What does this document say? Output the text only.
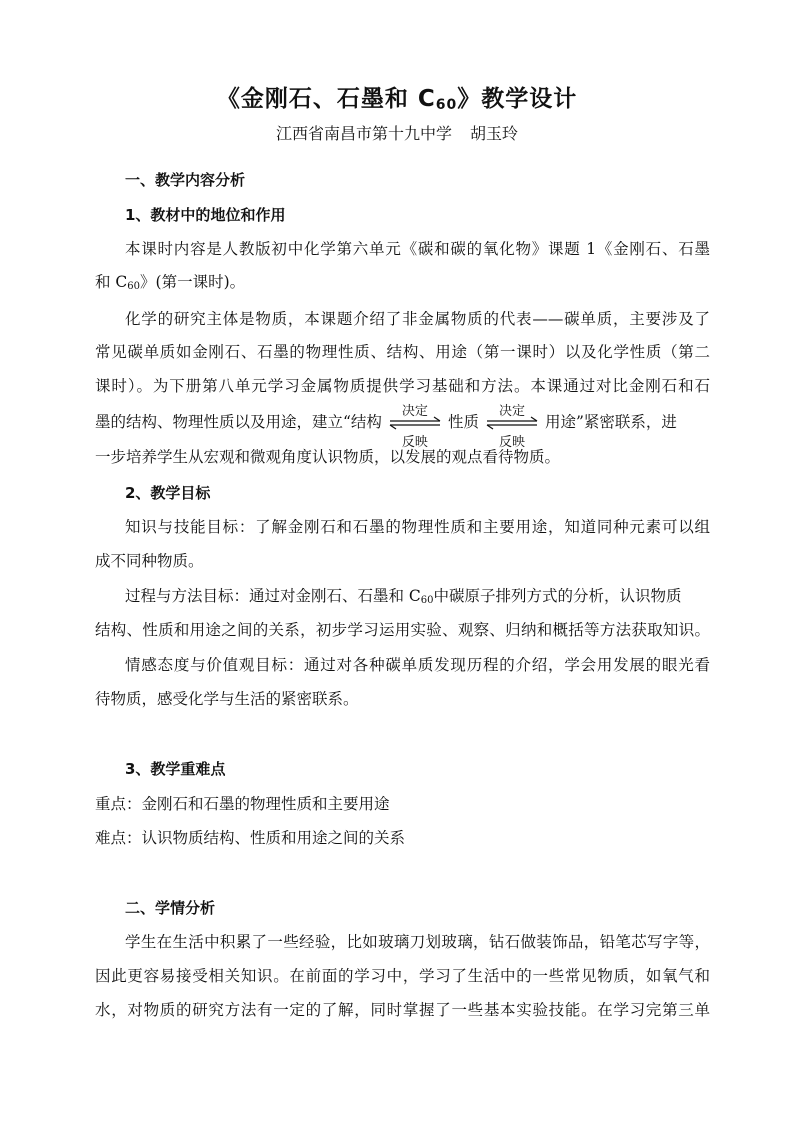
《金刚石、石墨和 $C_{60}$》教学设计
江西省南昌市第十九中学 胡玉玲
一、教学内容分析
1、教材中的地位和作用
本课时内容是人教版初中化学第六单元《碳和碳的氧化物》课题 1《金刚石、石墨
和 $C_{60}$》(第一课时)。
化学的研究主体是物质，本课题介绍了非金属物质的代表——碳单质，主要涉及了
常见碳单质如金刚石、石墨的物理性质、结构、用途（第一课时）以及化学性质（第二
课时）。为下册第八单元学习金属物质提供学习基础和方法。本课通过对比金刚石和石
墨的结构、物理性质以及用途，建立“结构
决定
反映
性质
决定
反映
用途”紧密联系，进
一步培养学生从宏观和微观角度认识物质，以发展的观点看待物质。
2、教学目标
知识与技能目标：了解金刚石和石墨的物理性质和主要用途，知道同种元素可以组
成不同种物质。
过程与方法目标：通过对金刚石、石墨和 $C_{60}$中碳原子排列方式的分析，认识物质
结构、性质和用途之间的关系，初步学习运用实验、观察、归纳和概括等方法获取知识。
情感态度与价值观目标：通过对各种碳单质发现历程的介绍，学会用发展的眼光看
待物质，感受化学与生活的紧密联系。
3、教学重难点
重点：金刚石和石墨的物理性质和主要用途
难点：认识物质结构、性质和用途之间的关系
二、学情分析
学生在生活中积累了一些经验，比如玻璃刀划玻璃，钻石做装饰品，铅笔芯写字等，
因此更容易接受相关知识。在前面的学习中，学习了生活中的一些常见物质，如氧气和
水，对物质的研究方法有一定的了解，同时掌握了一些基本实验技能。在学习完第三单
